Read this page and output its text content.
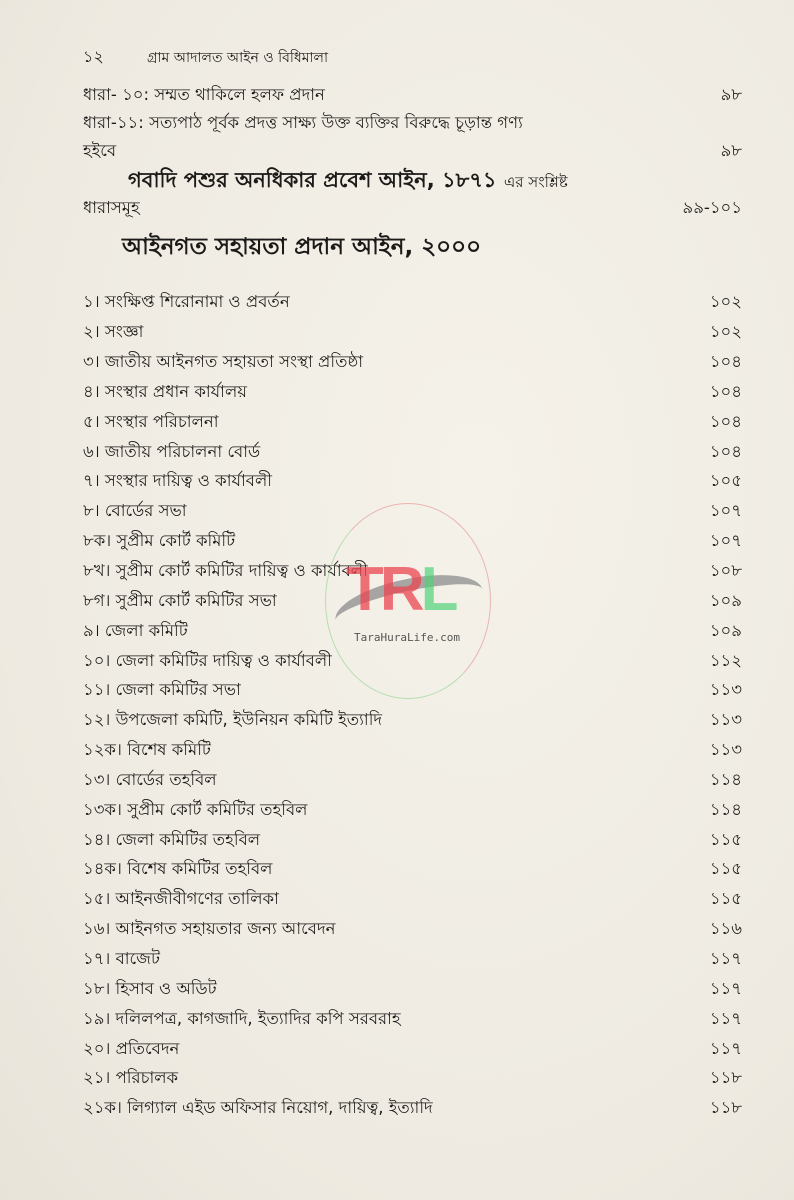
১২	গ্রাম আদালত আইন ও বিধিমালা
ধারা- ১০: সম্মত থাকিলে হলফ প্রদান	৯৮
ধারা-১১: সত্যপাঠ পূর্বক প্রদত্ত সাক্ষ্য উক্ত ব্যক্তির বিরুদ্ধে চূড়ান্ত গণ্য
হইবে	৯৮
গবাদি পশুর অনধিকার প্রবেশ আইন, ১৮৭১ এর সংশ্লিষ্ট
ধারাসমূহ	৯৯-১০১
আইনগত সহায়তা প্রদান আইন, ২০০০
১। সংক্ষিপ্ত শিরোনামা ও প্রবর্তন	১০২
২। সংজ্ঞা	১০২
৩। জাতীয় আইনগত সহায়তা সংস্থা প্রতিষ্ঠা	১০৪
৪। সংস্থার প্রধান কার্যালয়	১০৪
৫। সংস্থার পরিচালনা	১০৪
৬। জাতীয় পরিচালনা বোর্ড	১০৪
৭। সংস্থার দায়িত্ব ও কার্যাবলী	১০৫
৮। বোর্ডের সভা	১০৭
৮ক। সুপ্রীম কোর্ট কমিটি	১০৭
৮খ। সুপ্রীম কোর্ট কমিটির দায়িত্ব ও কার্যাবলী	১০৮
৮গ। সুপ্রীম কোর্ট কমিটির সভা	১০৯
৯। জেলা কমিটি	১০৯
১০। জেলা কমিটির দায়িত্ব ও কার্যাবলী	১১২
১১। জেলা কমিটির সভা	১১৩
১২। উপজেলা কমিটি, ইউনিয়ন কমিটি ইত্যাদি	১১৩
১২ক। বিশেষ কমিটি	১১৩
১৩। বোর্ডের তহবিল	১১৪
১৩ক। সুপ্রীম কোর্ট কমিটির তহবিল	১১৪
১৪। জেলা কমিটির তহবিল	১১৫
১৪ক। বিশেষ কমিটির তহবিল	১১৫
১৫। আইনজীবীগণের তালিকা	১১৫
১৬। আইনগত সহায়তার জন্য আবেদন	১১৬
১৭। বাজেট	১১৭
১৮। হিসাব ও অডিট	১১৭
১৯। দলিলপত্র, কাগজাদি, ইত্যাদির কপি সরবরাহ	১১৭
২০। প্রতিবেদন	১১৭
২১। পরিচালক	১১৮
২১ক। লিগ্যাল এইড অফিসার নিয়োগ, দায়িত্ব, ইত্যাদি	১১৮
TRL
TaraHuraLife.com
